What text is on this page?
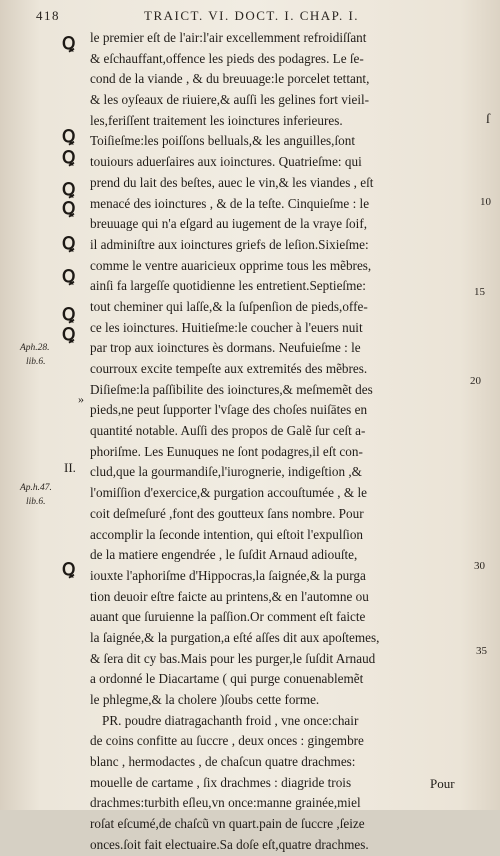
418	TRAICT. VI. DOCT. I. CHAP. I.
Ꝗ
Ꝗ
Ꝗ
Ꝗ
Ꝗ
Ꝗ
Ꝗ
Ꝗ
Ꝗ
Ꝗ
Aph.28.
lib.6.
Ap.h.47.
lib.6.
II.
»
10
15
20
30
35
ſ
le premier eſt de l'air:l'air excellemment refroidiſſant
& eſchauffant,offence les pieds des podagres. Le ſe-
cond de la viande , & du breuuage:le porcelet tettant,
& les oyſeaux de riuiere,& auſſi les gelines fort vieil-
les,feriſſent traitement les ioinctures inferieures.
Toiſieſme:les poiſſons belluals,& les anguilles,ſont
touiours aduerſaires aux ioinctures. Quatrieſme: qui
prend du lait des beſtes, auec le vin,& les viandes , eſt
menacé des ioinctures , & de la teſte. Cinquieſme : le
breuuage qui n'a eſgard au iugement de la vraye ſoif,
il adminiſtre aux ioinctures griefs de leſion.Sixieſme:
comme le ventre auaricieux opprime tous les mẽbres,
ainſi fa largeſſe quotidienne les entretient.Septieſme:
tout cheminer qui laſſe,& la ſuſpenſion de pieds,offe-
ce les ioinctures. Huitieſme:le coucher à l'euers nuit
par trop aux ioinctures ès dormans. Neufuieſme : le
courroux excite tempeſte aux extremités des mẽbres.
Diſieſme:la paſſibilite des ioinctures,& meſmemẽt des
pieds,ne peut ſupporter l'vſage des choſes nuiſātes en
quantité notable. Auſſi des propos de Galẽ ſur ceſt a-
phoriſme. Les Eunuques ne ſont podagres,il eſt con-
clud,que la gourmandiſe,l'iurognerie, indigeſtion ,&
l'omiſſion d'exercice,& purgation accouſtumée , & le
coit deſmeſuré ,font des goutteux ſans nombre. Pour
accomplir la ſeconde intention, qui eſtoit l'expulſion
de la matiere engendrée , le ſuſdit Arnaud adiouſte,
iouxte l'aphoriſme d'Hippocras,la ſaignée,& la purga
tion deuoir eſtre faicte au printens,& en l'automne ou
auant que ſuruienne la paſſion.Or comment eſt faicte
la ſaignée,& la purgation,a eſté aſſes dit aux apoſtemes,
& ſera dit cy bas.Mais pour les purger,le ſuſdit Arnaud
a ordonné le Diacartame ( qui purge conuenablemẽt
le phlegme,& la cholere )ſoubs cette forme.
PR. poudre diatragachanth froid , vne once:chair
de coins confitte au ſuccre , deux onces : gingembre
blanc , hermodactes , de chaſcun quatre drachmes:
mouelle de cartame , ſix drachmes : diagride trois
drachmes:turbith eſleu,vn once:manne grainée,miel
roſat eſcumé,de chaſcũ vn quart.pain de ſuccre ,ſeize
onces.ſoit fait electuaire.Sa doſe eſt,quatre drachmes.
Pour
